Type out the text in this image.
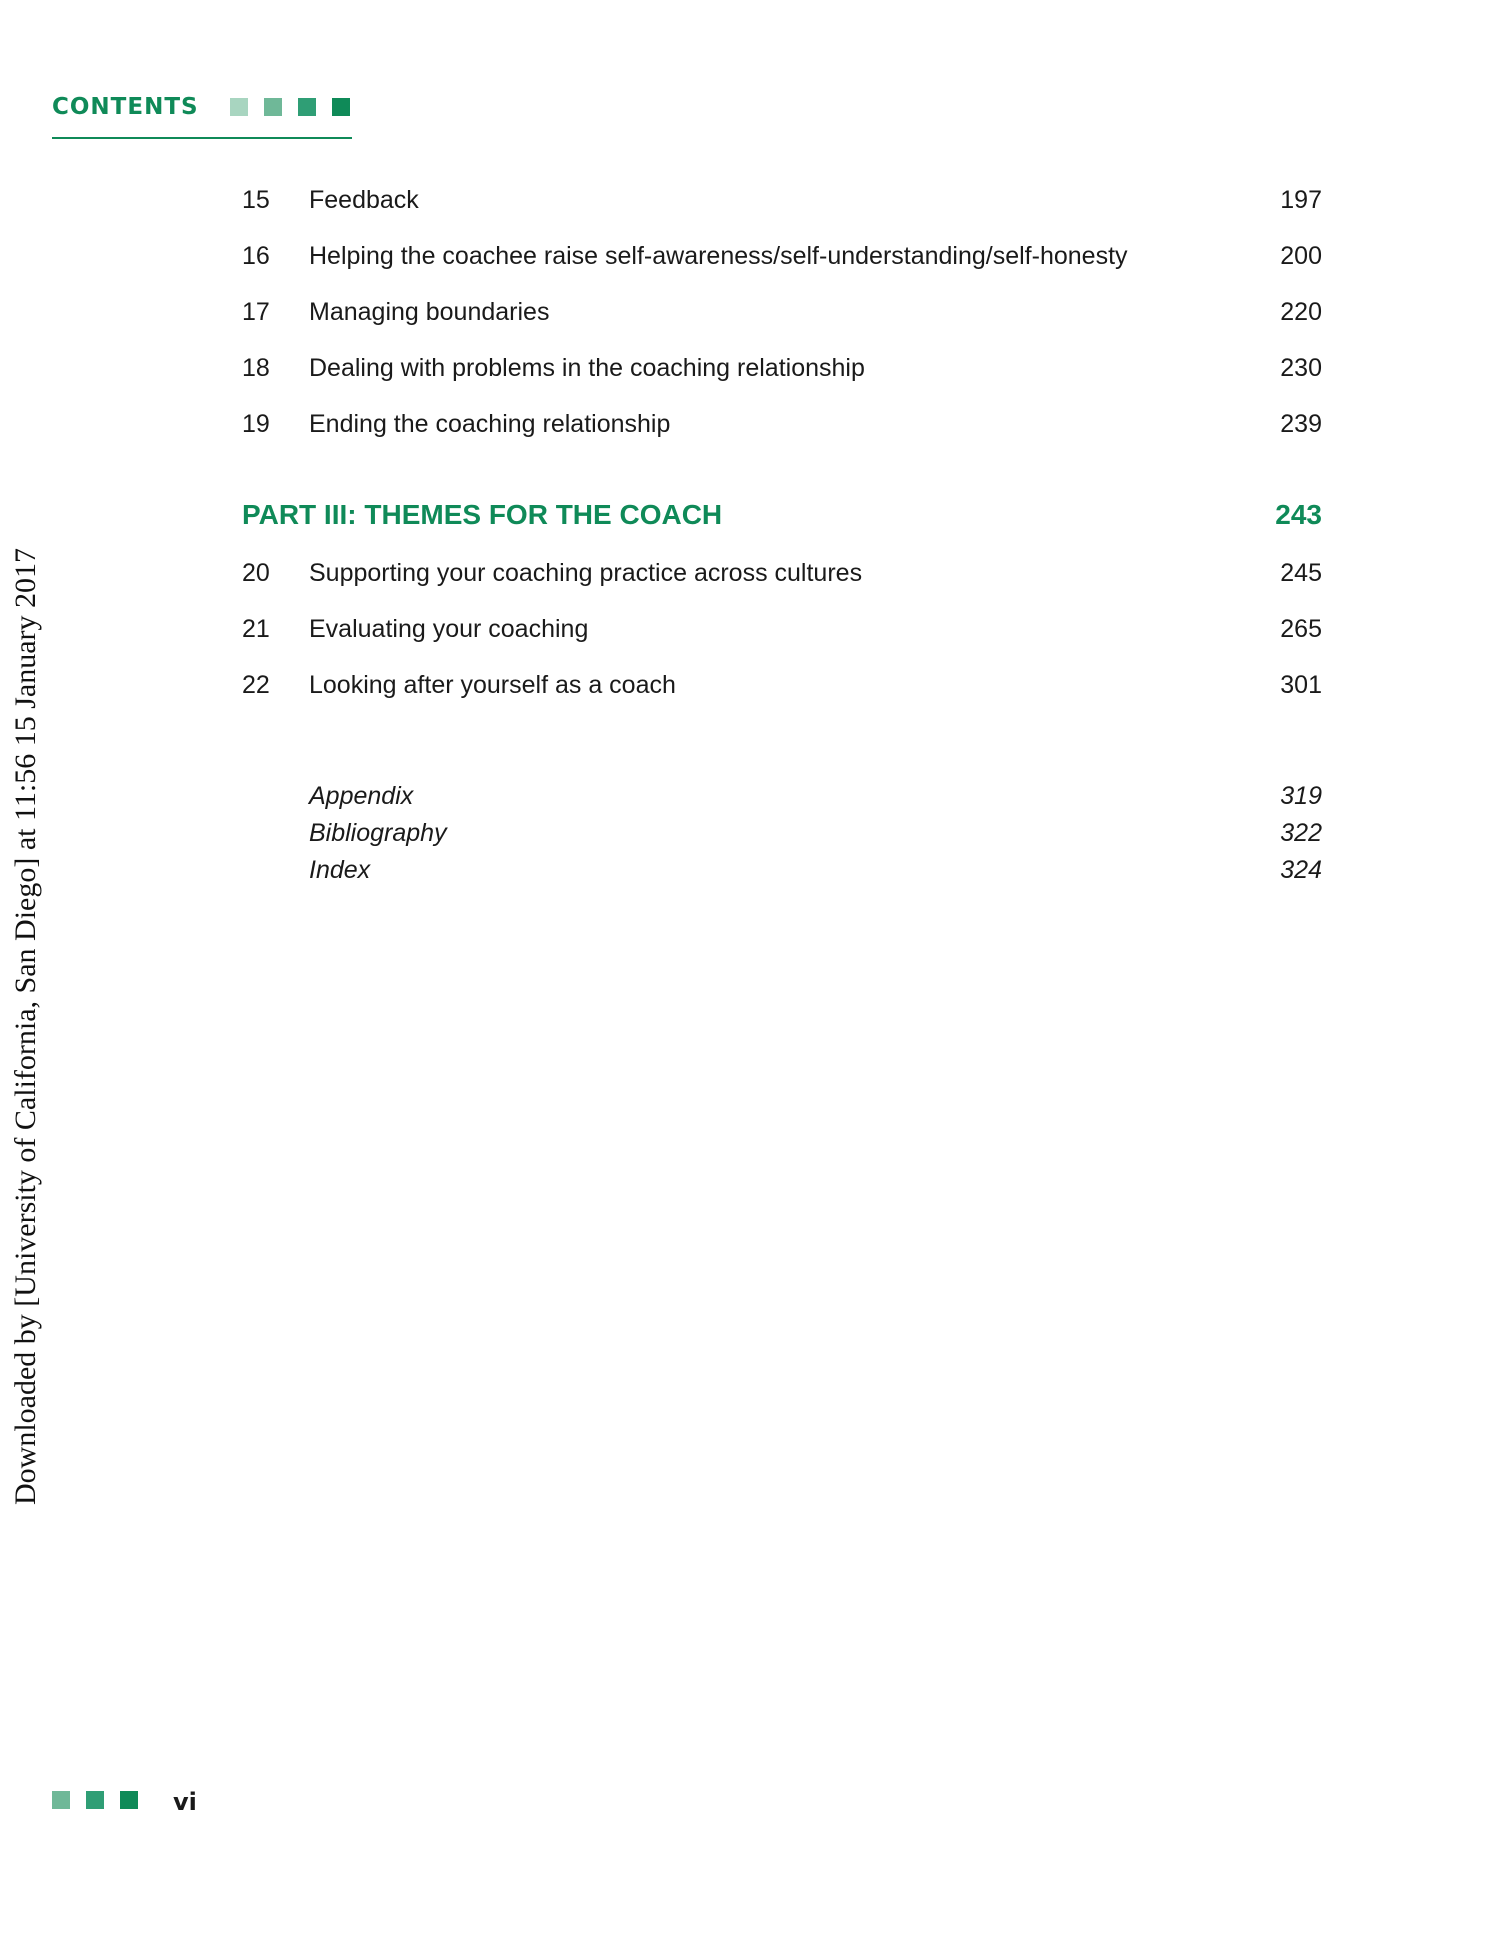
CONTENTS
15 Feedback	197
16 Helping the coachee raise self-awareness/self-understanding/self-honesty	200
17 Managing boundaries	220
18 Dealing with problems in the coaching relationship	230
19 Ending the coaching relationship	239
PART III: THEMES FOR THE COACH	243
20 Supporting your coaching practice across cultures	245
21 Evaluating your coaching	265
22 Looking after yourself as a coach	301
Appendix	319
Bibliography	322
Index	324
Downloaded by [University of California, San Diego] at 11:56 15 January 2017
vi
